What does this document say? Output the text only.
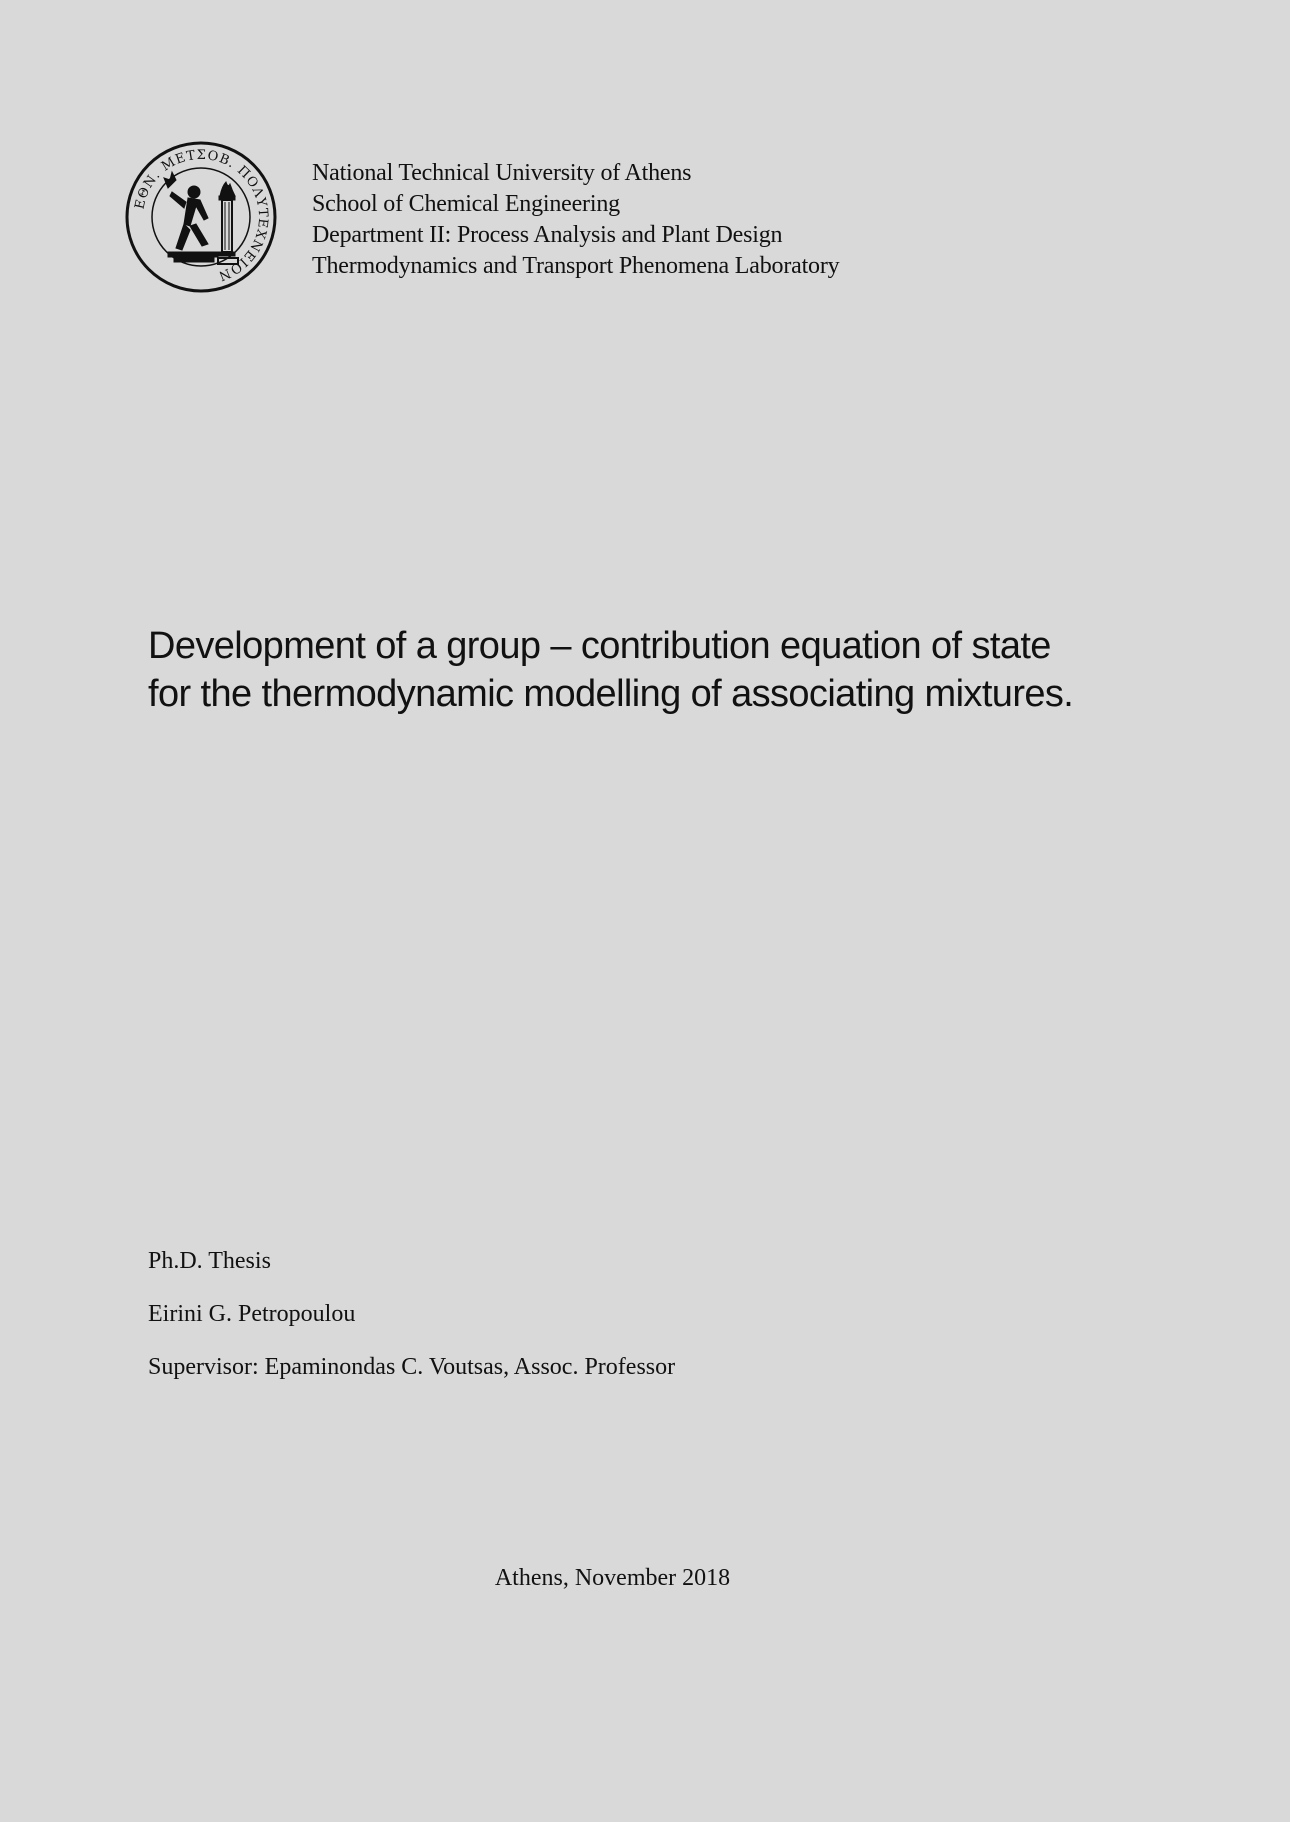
ΕΘΝ. ΜΕΤΣΟΒ. ΠΟΛΥΤΕΧΝΕΙΟΝ
National Technical University of Athens
School of Chemical Engineering
Department II: Process Analysis and Plant Design
Thermodynamics and Transport Phenomena Laboratory
Development of a group – contribution equation of state
for the thermodynamic modelling of associating mixtures.
Ph.D. Thesis
Eirini G. Petropoulou
Supervisor: Epaminondas C. Voutsas, Assoc. Professor
Athens, November 2018
